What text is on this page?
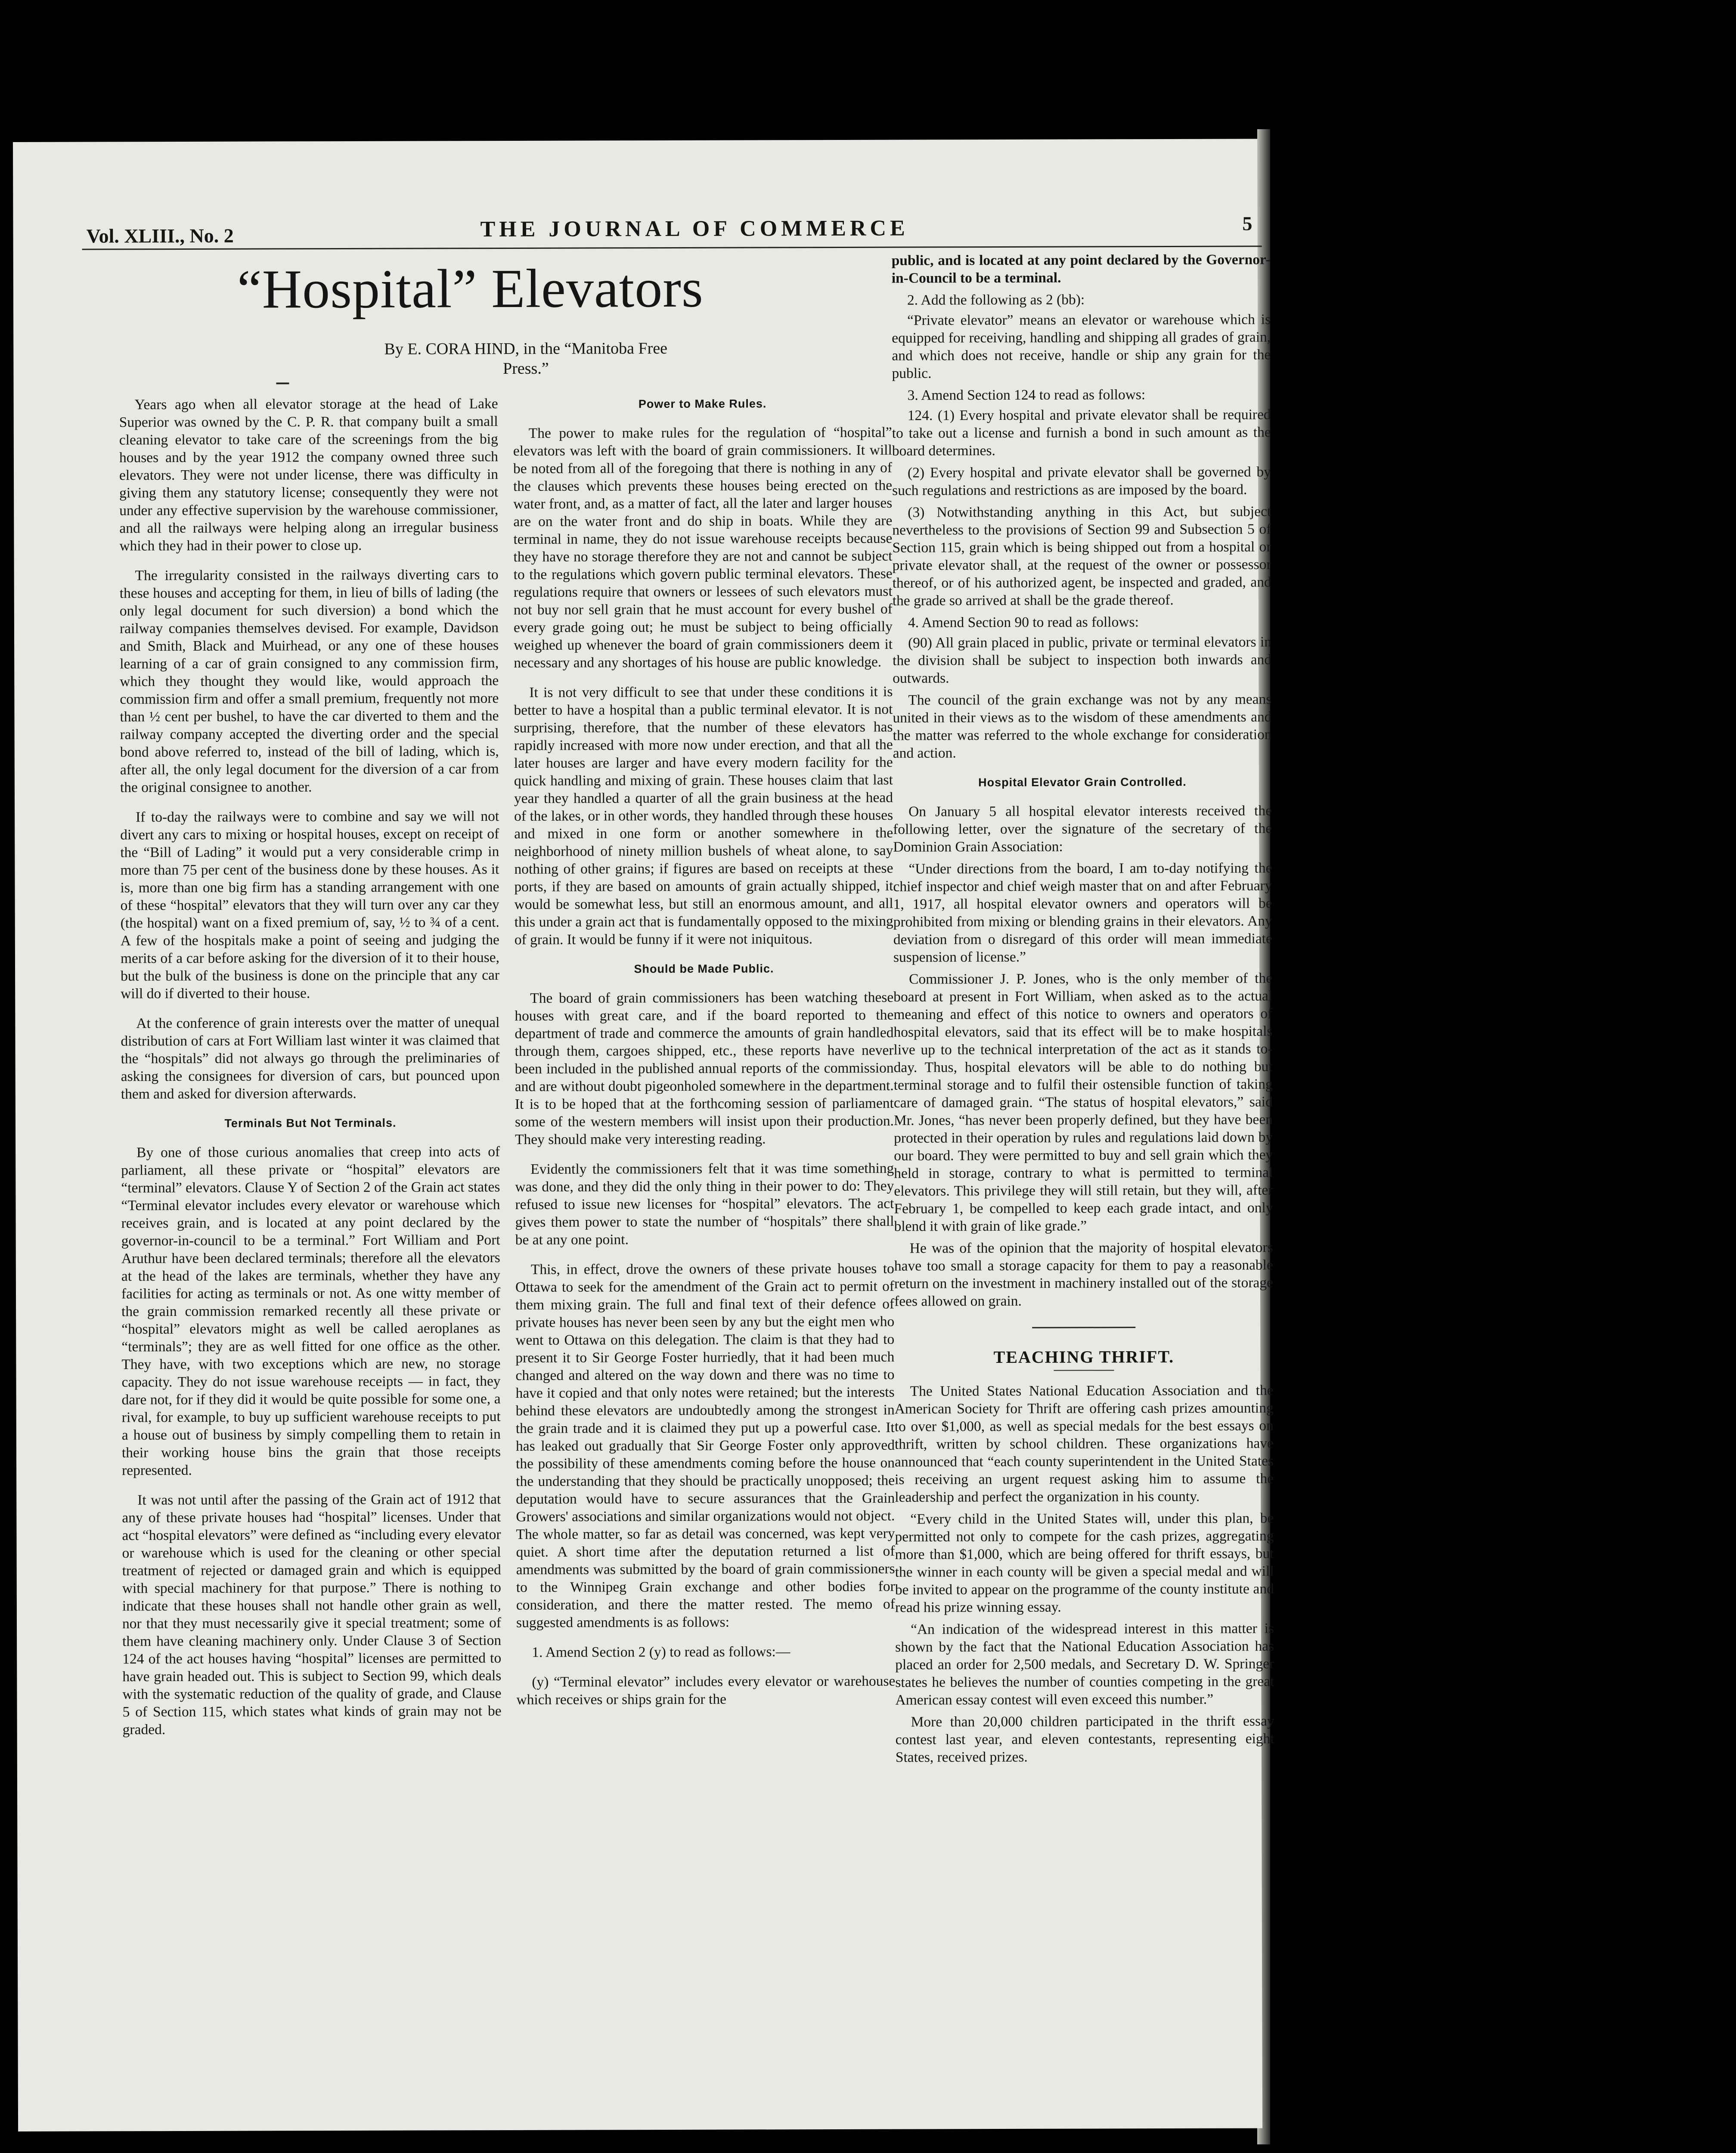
Vol. XLIII., No. 2	THE JOURNAL OF COMMERCE	5
“Hospital” Elevators
By E. CORA HIND, in the “Manitoba Free
Press.”

Years ago when all elevator storage at the head of Lake Superior was owned by the C. P. R. that company built a small cleaning elevator to take care of the screenings from the big houses and by the year 1912 the company owned three such elevators. They were not under license, there was difficulty in giving them any statutory license; consequently they were not under any effective supervision by the warehouse commissioner, and all the railways were helping along an irregular business which they had in their power to close up.

The irregularity consisted in the railways diverting cars to these houses and accepting for them, in lieu of bills of lading (the only legal document for such diversion) a bond which the railway companies themselves devised. For example, Davidson and Smith, Black and Muirhead, or any one of these houses learning of a car of grain consigned to any commission firm, which they thought they would like, would approach the commission firm and offer a small premium, frequently not more than ½ cent per bushel, to have the car diverted to them and the railway company accepted the diverting order and the special bond above referred to, instead of the bill of lading, which is, after all, the only legal document for the diversion of a car from the original consignee to another.

If to-day the railways were to combine and say we will not divert any cars to mixing or hospital houses, except on receipt of the “Bill of Lading” it would put a very considerable crimp in more than 75 per cent of the business done by these houses. As it is, more than one big firm has a standing arrangement with one of these “hospital” elevators that they will turn over any car they (the hospital) want on a fixed premium of, say, ½ to ¾ of a cent. A few of the hospitals make a point of seeing and judging the merits of a car before asking for the diversion of it to their house, but the bulk of the business is done on the principle that any car will do if diverted to their house.

At the conference of grain interests over the matter of unequal distribution of cars at Fort William last winter it was claimed that the “hospitals” did not always go through the preliminaries of asking the consignees for diversion of cars, but pounced upon them and asked for diversion afterwards.

Terminals But Not Terminals.

By one of those curious anomalies that creep into acts of parliament, all these private or “hospital” elevators are “terminal” elevators. Clause Y of Section 2 of the Grain act states “Terminal elevator includes every elevator or warehouse which receives grain, and is located at any point declared by the governor-in-council to be a terminal.” Fort William and Port Aruthur have been declared terminals; therefore all the elevators at the head of the lakes are terminals, whether they have any facilities for acting as terminals or not. As one witty member of the grain commission remarked recently all these private or “hospital” elevators might as well be called aeroplanes as “terminals”; they are as well fitted for one office as the other. They have, with two exceptions which are new, no storage capacity. They do not issue warehouse receipts — in fact, they dare not, for if they did it would be quite possible for some one, a rival, for example, to buy up sufficient warehouse receipts to put a house out of business by simply compelling them to retain in their working house bins the grain that those receipts represented.

It was not until after the passing of the Grain act of 1912 that any of these private houses had “hospital” licenses. Under that act “hospital elevators” were defined as “including every elevator or warehouse which is used for the cleaning or other special treatment of rejected or damaged grain and which is equipped with special machinery for that purpose.” There is nothing to indicate that these houses shall not handle other grain as well, nor that they must necessarily give it special treatment; some of them have cleaning machinery only. Under Clause 3 of Section 124 of the act houses having “hospital” licenses are permitted to have grain headed out. This is subject to Section 99, which deals with the systematic reduction of the quality of grade, and Clause 5 of Section 115, which states what kinds of grain may not be graded.

Power to Make Rules.

The power to make rules for the regulation of “hospital” elevators was left with the board of grain commissioners. It will be noted from all of the foregoing that there is nothing in any of the clauses which prevents these houses being erected on the water front, and, as a matter of fact, all the later and larger houses are on the water front and do ship in boats. While they are terminal in name, they do not issue warehouse receipts because they have no storage therefore they are not and cannot be subject to the regulations which govern public terminal elevators. These regulations require that owners or lessees of such elevators must not buy nor sell grain that he must account for every bushel of every grade going out; he must be subject to being officially weighed up whenever the board of grain commissioners deem it necessary and any shortages of his house are public knowledge.

It is not very difficult to see that under these conditions it is better to have a hospital than a public terminal elevator. It is not surprising, therefore, that the number of these elevators has rapidly increased with more now under erection, and that all the later houses are larger and have every modern facility for the quick handling and mixing of grain. These houses claim that last year they handled a quarter of all the grain business at the head of the lakes, or in other words, they handled through these houses and mixed in one form or another somewhere in the neighborhood of ninety million bushels of wheat alone, to say nothing of other grains; if figures are based on receipts at these ports, if they are based on amounts of grain actually shipped, it would be somewhat less, but still an enormous amount, and all this under a grain act that is fundamentally opposed to the mixing of grain. It would be funny if it were not iniquitous.

Should be Made Public.

The board of grain commissioners has been watching these houses with great care, and if the board reported to the department of trade and commerce the amounts of grain handled through them, cargoes shipped, etc., these reports have never been included in the published annual reports of the commission and are without doubt pigeonholed somewhere in the department. It is to be hoped that at the forthcoming session of parliament some of the western members will insist upon their production. They should make very interesting reading.

Evidently the commissioners felt that it was time something was done, and they did the only thing in their power to do: They refused to issue new licenses for “hospital” elevators. The act gives them power to state the number of “hospitals” there shall be at any one point.

This, in effect, drove the owners of these private houses to Ottawa to seek for the amendment of the Grain act to permit of them mixing grain. The full and final text of their defence of private houses has never been seen by any but the eight men who went to Ottawa on this delegation. The claim is that they had to present it to Sir George Foster hurriedly, that it had been much changed and altered on the way down and there was no time to have it copied and that only notes were retained; but the interests behind these elevators are undoubtedly among the strongest in the grain trade and it is claimed they put up a powerful case. It has leaked out gradually that Sir George Foster only approved the possibility of these amendments coming before the house on the understanding that they should be practically unopposed; the deputation would have to secure assurances that the Grain Growers' associations and similar organizations would not object. The whole matter, so far as detail was concerned, was kept very quiet. A short time after the deputation returned a list of amendments was submitted by the board of grain commissioners to the Winnipeg Grain exchange and other bodies for consideration, and there the matter rested. The memo of suggested amendments is as follows:

1. Amend Section 2 (y) to read as follows:—

(y) “Terminal elevator” includes every elevator or warehouse which receives or ships grain for the

public, and is located at any point declared by the Governor-in-Council to be a terminal.

2. Add the following as 2 (bb):

“Private elevator” means an elevator or warehouse which is equipped for receiving, handling and shipping all grades of grain, and which does not receive, handle or ship any grain for the public.

3. Amend Section 124 to read as follows:

124. (1) Every hospital and private elevator shall be required to take out a license and furnish a bond in such amount as the board determines.

(2) Every hospital and private elevator shall be governed by such regulations and restrictions as are imposed by the board.

(3) Notwithstanding anything in this Act, but subject nevertheless to the provisions of Section 99 and Subsection 5 of Section 115, grain which is being shipped out from a hospital or private elevator shall, at the request of the owner or possessor thereof, or of his authorized agent, be inspected and graded, and the grade so arrived at shall be the grade thereof.

4. Amend Section 90 to read as follows:

(90) All grain placed in public, private or terminal elevators in the division shall be subject to inspection both inwards and outwards.

The council of the grain exchange was not by any means united in their views as to the wisdom of these amendments and the matter was referred to the whole exchange for consideration and action.

Hospital Elevator Grain Controlled.

On January 5 all hospital elevator interests received the following letter, over the signature of the secretary of the Dominion Grain Association:

“Under directions from the board, I am to-day notifying the chief inspector and chief weigh master that on and after February 1, 1917, all hospital elevator owners and operators will be prohibited from mixing or blending grains in their elevators. Any deviation from o disregard of this order will mean immediate suspension of license.”

Commissioner J. P. Jones, who is the only member of the board at present in Fort William, when asked as to the actual meaning and effect of this notice to owners and operators of hospital elevators, said that its effect will be to make hospitals live up to the technical interpretation of the act as it stands to-day. Thus, hospital elevators will be able to do nothing but terminal storage and to fulfil their ostensible function of taking care of damaged grain. “The status of hospital elevators,” said Mr. Jones, “has never been properly defined, but they have been protected in their operation by rules and regulations laid down by our board. They were permitted to buy and sell grain which they held in storage, contrary to what is permitted to terminal elevators. This privilege they will still retain, but they will, after February 1, be compelled to keep each grade intact, and only blend it with grain of like grade.”

He was of the opinion that the majority of hospital elevators have too small a storage capacity for them to pay a reasonable return on the investment in machinery installed out of the storage fees allowed on grain.

TEACHING THRIFT.

The United States National Education Association and the American Society for Thrift are offering cash prizes amounting to over $1,000, as well as special medals for the best essays on thrift, written by school children. These organizations have announced that “each county superintendent in the United States is receiving an urgent request asking him to assume the leadership and perfect the organization in his county.

“Every child in the United States will, under this plan, be permitted not only to compete for the cash prizes, aggregating more than $1,000, which are being offered for thrift essays, but the winner in each county will be given a special medal and will be invited to appear on the programme of the county institute and read his prize winning essay.

“An indication of the widespread interest in this matter is shown by the fact that the National Education Association has placed an order for 2,500 medals, and Secretary D. W. Springer states he believes the number of counties competing in the great American essay contest will even exceed this number.”

More than 20,000 children participated in the thrift essay contest last year, and eleven contestants, representing eight States, received prizes.
